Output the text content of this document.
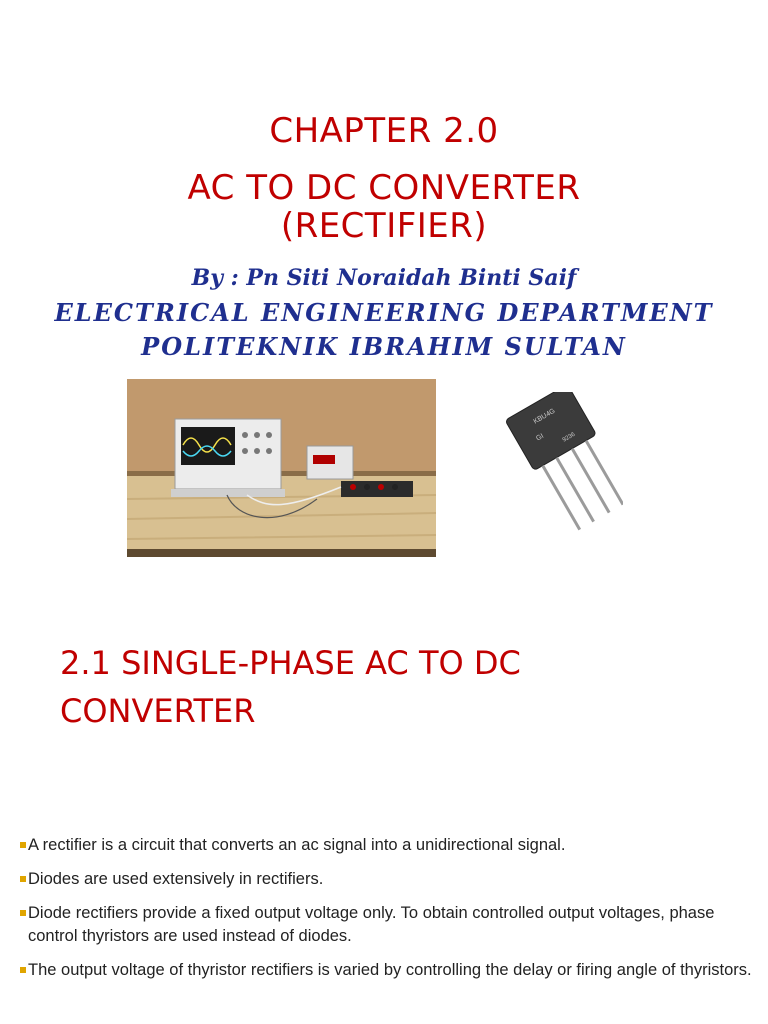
CHAPTER 2.0
AC TO DC CONVERTER
(RECTIFIER)
By : Pn Siti Noraidah Binti Saif
ELECTRICAL ENGINEERING DEPARTMENT
POLITEKNIK IBRAHIM SULTAN
KBU4G
GI	9236
2.1 SINGLE-PHASE AC TO DC
CONVERTER
A rectifier is a circuit that converts an ac signal into a unidirectional signal.
Diodes are used extensively in rectifiers.
Diode rectifiers provide a fixed output voltage only. To obtain controlled output voltages, phase control thyristors are used instead of diodes.
The output voltage of thyristor rectifiers is varied by controlling the delay or firing angle of thyristors.
